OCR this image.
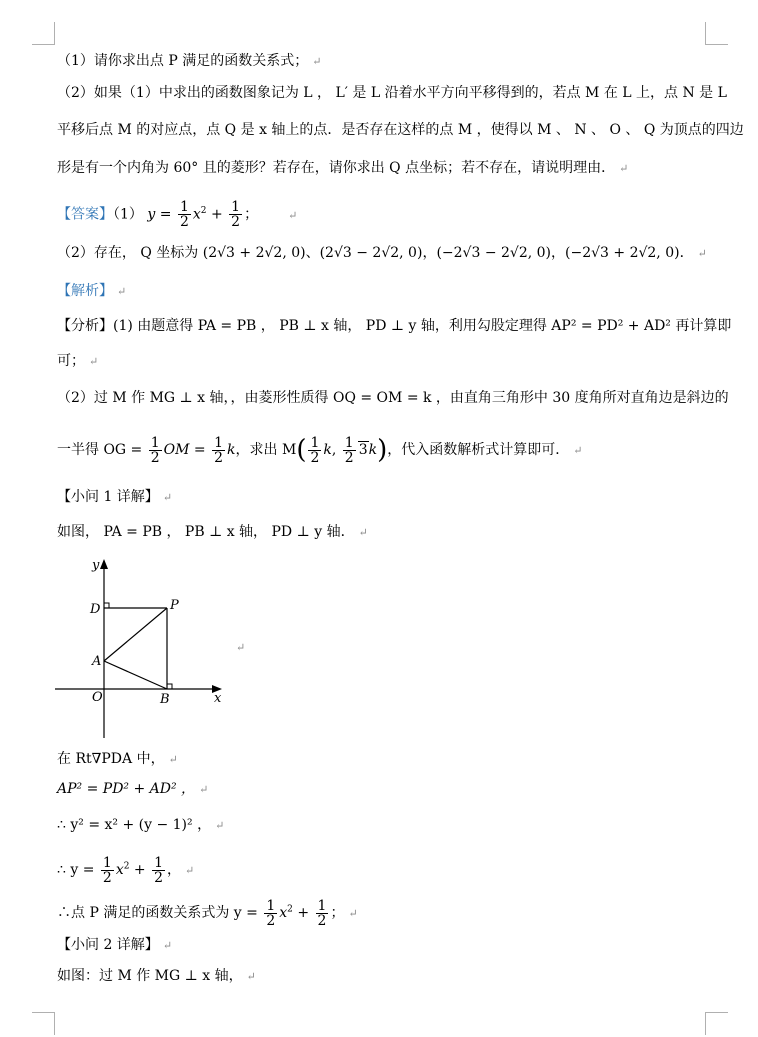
（1）请你求出点 P 满足的函数关系式； ↵
（2）如果（1）中求出的函数图象记为 L ， L′ 是 L 沿着水平方向平移得到的，若点 M 在 L 上，点 N 是 L
平移后点 M 的对应点，点 Q 是 x 轴上的点．是否存在这样的点 M ，使得以 M 、 N 、 O 、 Q 为顶点的四边
形是有一个内角为 60° 且的菱形？若存在，请你求出 Q 点坐标；若不存在，请说明理由． ↵
【答案】（1） $y = \frac{1}{2} x^2 + \frac{1}{2}$ ；	↵
（2）存在， Q 坐标为 (2√3 + 2√2, 0)、(2√3 − 2√2, 0)，(−2√3 − 2√2, 0)，(−2√3 + 2√2, 0)． ↵
【解析】 ↵
【分析】(1) 由题意得 PA = PB ， PB ⊥ x 轴， PD ⊥ y 轴，利用勾股定理得 AP² = PD² + AD² 再计算即
可； ↵
（2）过 M 作 MG ⊥ x 轴，，由菱形性质得 OQ = OM = k ，由直角三角形中 30 度角所对直角边是斜边的
一半得 OG = $\frac{1}{2}$ OM = $\frac{1}{2}$ k，求出 $M( \frac{1}{2} k$, $\frac{1}{2} 3k$)，代入函数解析式计算即可． ↵
【小问 1 详解】 ↵
如图， PA = PB ， PB ⊥ x 轴， PD ⊥ y 轴． ↵
y
x
O
A
B
D	P
↵
在 Rt∇PDA 中， ↵
AP² = PD² + AD² ， ↵
∴ y² = x² + (y − 1)² ， ↵
∴ $y = \frac{1}{2} x^2 + \frac{1}{2}$ ， ↵
∴点 P 满足的函数关系式为 $y = \frac{1}{2} x^2 + \frac{1}{2}$ ； ↵
【小问 2 详解】 ↵
如图：过 M 作 MG ⊥ x 轴， ↵
